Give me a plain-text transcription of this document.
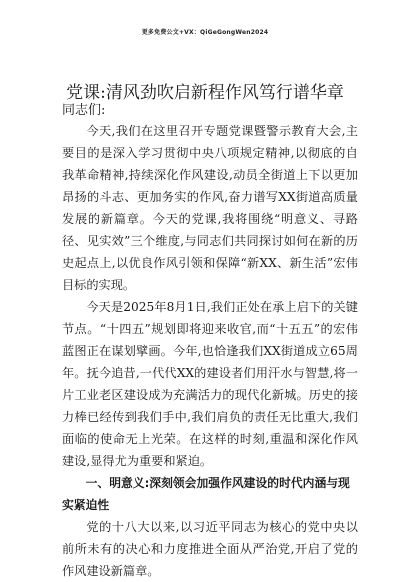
更多免费公文+VX：QiGeGongWen2024
党课:清风劲吹启新程作风笃行谱华章
同志们:

今天,我们在这里召开专题党课暨警示教育大会,主要目的是深入学习贯彻中央八项规定精神,以彻底的自我革命精神,持续深化作风建设,动员全街道上下以更加昂扬的斗志、更加务实的作风,奋力谱写XX街道高质量发展的新篇章。今天的党课,我将围绕“明意义、寻路径、见实效”三个维度,与同志们共同探讨如何在新的历史起点上,以优良作风引领和保障“新XX、新生活”宏伟目标的实现。

今天是2025年8月1日,我们正处在承上启下的关键节点。“十四五”规划即将迎来收官,而“十五五”的宏伟蓝图正在谋划擘画。今年,也恰逢我们XX街道成立65周年。抚今追昔,一代代XX的建设者们用汗水与智慧,将一片工业老区建设成为充满活力的现代化新城。历史的接力棒已经传到我们手中,我们肩负的责任无比重大,我们面临的使命无上光荣。在这样的时刻,重温和深化作风建设,显得尤为重要和紧迫。

一、明意义:深刻领会加强作风建设的时代内涵与现实紧迫性

党的十八大以来,以习近平同志为核心的党中央以前所未有的决心和力度推进全面从严治党,开启了党的作风建设新篇章。
